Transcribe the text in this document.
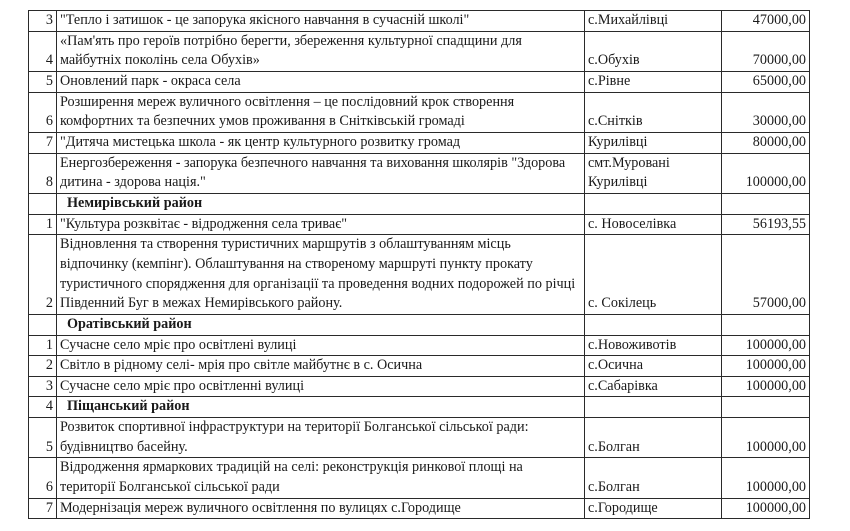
3	"Тепло і затишок - це запорука якісного навчання в сучасній школі"	с.Михайлівці	47000,00
4	«Пам'ять про героїв потрібно берегти, збереження культурної спадщини для майбутніх поколінь села Обухів»	с.Обухів	70000,00
5	Оновлений парк - окраса села	с.Рівне	65000,00
6	Розширення мереж вуличного освітлення – це послідовний крок створення комфортних та безпечних умов проживання в Снітківській громаді	с.Снітків	30000,00
7	"Дитяча мистецька школа - як центр культурного розвитку громад	Курилівці	80000,00
8	Енергозбереження - запорука безпечного навчання та виховання школярів "Здорова дитина - здорова нація."	смт.Муровані Курилівці	100000,00
	Немирівський район		
1	"Культура розквітає - відродження села триває"	с. Новоселівка	56193,55
2	Відновлення та створення туристичних маршрутів з облаштуванням місць відпочинку (кемпінг). Облаштування на створеному маршруті пункту прокату туристичного спорядження для організації та проведення водних подорожей по річці Південний Буг в межах Немирівського району.	с. Сокілець	57000,00
	Оратівський район		
1	Сучасне село мріє про освітлені вулиці	с.Новоживотів	100000,00
2	Світло в рідному селі- мрія про світле майбутнє в с. Осична	с.Осична	100000,00
3	Сучасне село мріє про освітленні вулиці	с.Сабарівка	100000,00
4	Піщанський район		
5	Розвиток спортивної інфраструктури на території Болганської сільської ради: будівництво басейну.	с.Болган	100000,00
6	Відродження ярмаркових традицій на селі: реконструкція ринкової площі на території Болганської сільської ради	с.Болган	100000,00
7	Модернізація мереж вуличного освітлення по вулицях с.Городище	с.Городище	100000,00
